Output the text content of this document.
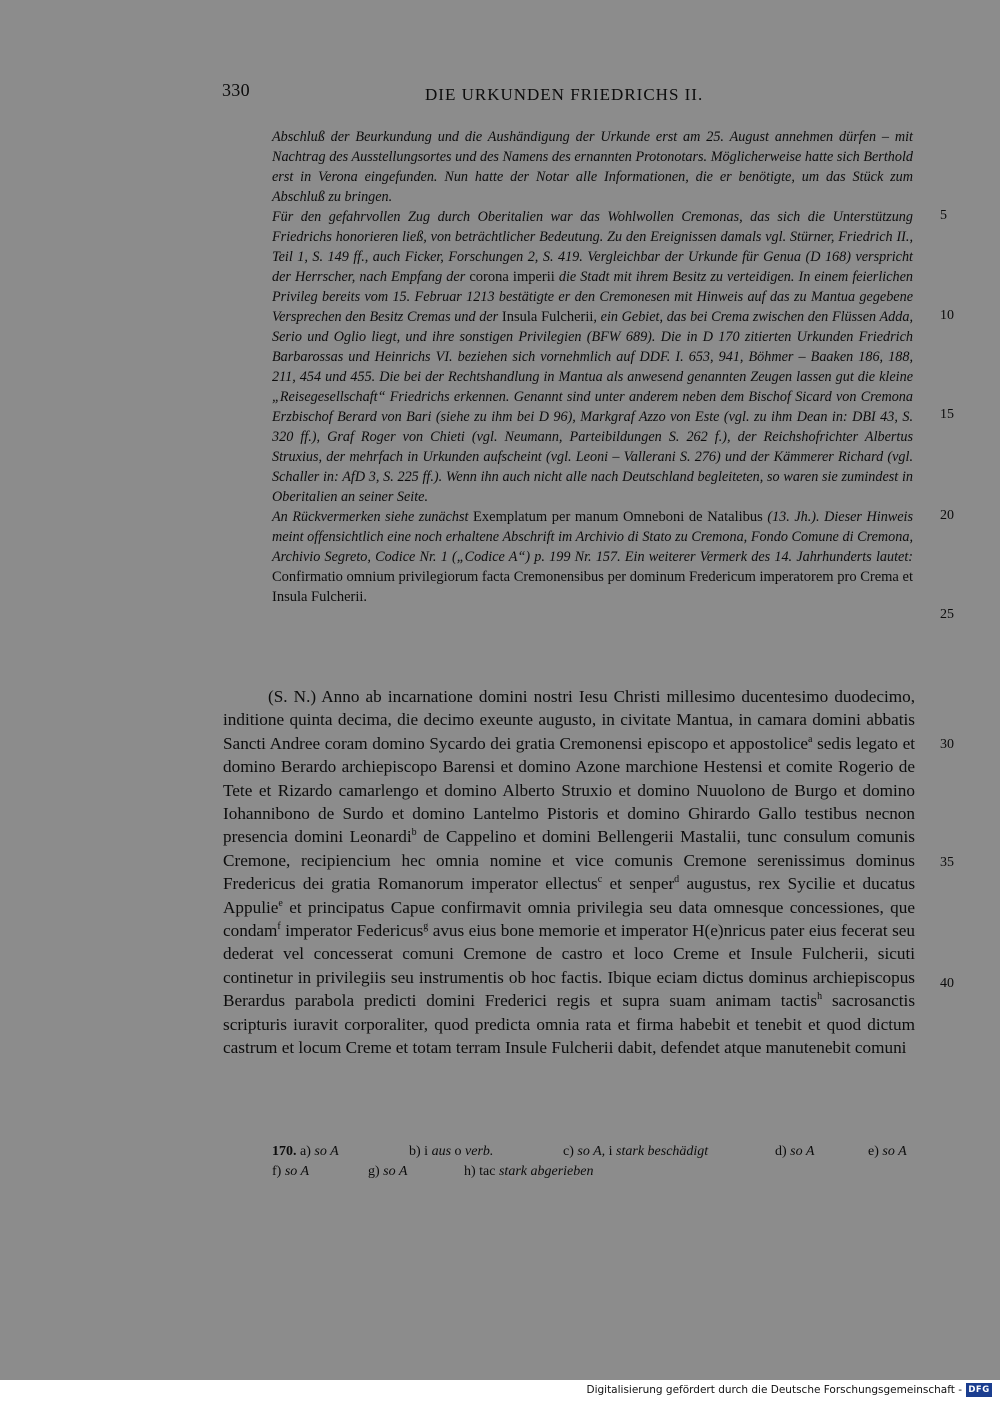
330	DIE URKUNDEN FRIEDRICHS II.

Abschluß der Beurkundung und die Aushändigung der Urkunde erst am 25. August annehmen dürfen – mit Nachtrag des Ausstellungsortes und des Namens des ernannten Protonotars. Möglicherweise hatte sich Berthold erst in Verona eingefunden. Nun hatte der Notar alle Informationen, die er benötigte, um das Stück zum Abschluß zu bringen.

Für den gefahrvollen Zug durch Oberitalien war das Wohlwollen Cremonas, das sich die Unterstützung Friedrichs honorieren ließ, von beträchtlicher Bedeutung. Zu den Ereignissen damals vgl. Stürner, Friedrich II., Teil 1, S. 149 ff., auch Ficker, Forschungen 2, S. 419. Vergleichbar der Urkunde für Genua (D 168) verspricht der Herrscher, nach Empfang der corona imperii die Stadt mit ihrem Besitz zu verteidigen. In einem feierlichen Privileg bereits vom 15. Februar 1213 bestätigte er den Cremonesen mit Hinweis auf das zu Mantua gegebene Versprechen den Besitz Cremas und der Insula Fulcherii, ein Gebiet, das bei Crema zwischen den Flüssen Adda, Serio und Oglio liegt, und ihre sonstigen Privilegien (BFW 689). Die in D 170 zitierten Urkunden Friedrich Barbarossas und Heinrichs VI. beziehen sich vornehmlich auf DDF. I. 653, 941, Böhmer – Baaken 186, 188, 211, 454 und 455. Die bei der Rechtshandlung in Mantua als anwesend genannten Zeugen lassen gut die kleine „Reisegesellschaft“ Friedrichs erkennen. Genannt sind unter anderem neben dem Bischof Sicard von Cremona Erzbischof Berard von Bari (siehe zu ihm bei D 96), Markgraf Azzo von Este (vgl. zu ihm Dean in: DBI 43, S. 320 ff.), Graf Roger von Chieti (vgl. Neumann, Parteibildungen S. 262 f.), der Reichshofrichter Albertus Struxius, der mehrfach in Urkunden aufscheint (vgl. Leoni – Vallerani S. 276) und der Kämmerer Richard (vgl. Schaller in: AfD 3, S. 225 ff.). Wenn ihn auch nicht alle nach Deutschland begleiteten, so waren sie zumindest in Oberitalien an seiner Seite.

An Rückvermerken siehe zunächst Exemplatum per manum Omneboni de Natalibus (13. Jh.). Dieser Hinweis meint offensichtlich eine noch erhaltene Abschrift im Archivio di Stato zu Cremona, Fondo Comune di Cremona, Archivio Segreto, Codice Nr. 1 („Codice A“) p. 199 Nr. 157. Ein weiterer Vermerk des 14. Jahrhunderts lautet: Confirmatio omnium privilegiorum facta Cremonensibus per dominum Fredericum imperatorem pro Crema et Insula Fulcherii.

(S. N.) Anno ab incarnatione domini nostri Iesu Christi millesimo ducentesimo duodecimo, inditione quinta decima, die decimo exeunte augusto, in civitate Mantua, in camara domini abbatis Sancti Andree coram domino Sycardo dei gratia Cremonensi episcopo et appostolice$^a$ sedis legato et domino Berardo archiepiscopo Barensi et domino Azone marchione Hestensi et comite Rogerio de Tete et Rizardo camarlengo et domino Alberto Struxio et domino Nuuolono de Burgo et domino Iohannibono de Surdo et domino Lantelmo Pistoris et domino Ghirardo Gallo testibus necnon presencia domini Leonardi$^b$ de Cappelino et domini Bellengerii Mastalii, tunc consulum comunis Cremone, recipiencium hec omnia nomine et vice comunis Cremone serenissimus dominus Fredericus dei gratia Romanorum imperator ellectus$^c$ et senper$^d$ augustus, rex Sycilie et ducatus Appulie$^e$ et principatus Capue confirmavit omnia privilegia seu data omnesque concessiones, que condam$^f$ imperator Federicus$^g$ avus eius bone memorie et imperator H(e)nricus pater eius fecerat seu dederat vel concesserat comuni Cremone de castro et loco Creme et Insule Fulcherii, sicuti continetur in privilegiis seu instrumentis ob hoc factis. Ibique eciam dictus dominus archiepiscopus Berardus parabola predicti domini Frederici regis et supra suam animam tactis$^h$ sacrosanctis scripturis iuravit corporaliter, quod predicta omnia rata et firma habebit et tenebit et quod dictum castrum et locum Creme et totam terram Insule Fulcherii dabit, defendet atque manutenebit comuni

5
10
15
20
25
30
35
40
170. a) so A	b) i aus o verb.	c) so A, i stark beschädigt	d) so A	e) so A
f) so A	g) so A	h) tac stark abgerieben
Digitalisierung gefördert durch die Deutsche Forschungsgemeinschaft - DFG
